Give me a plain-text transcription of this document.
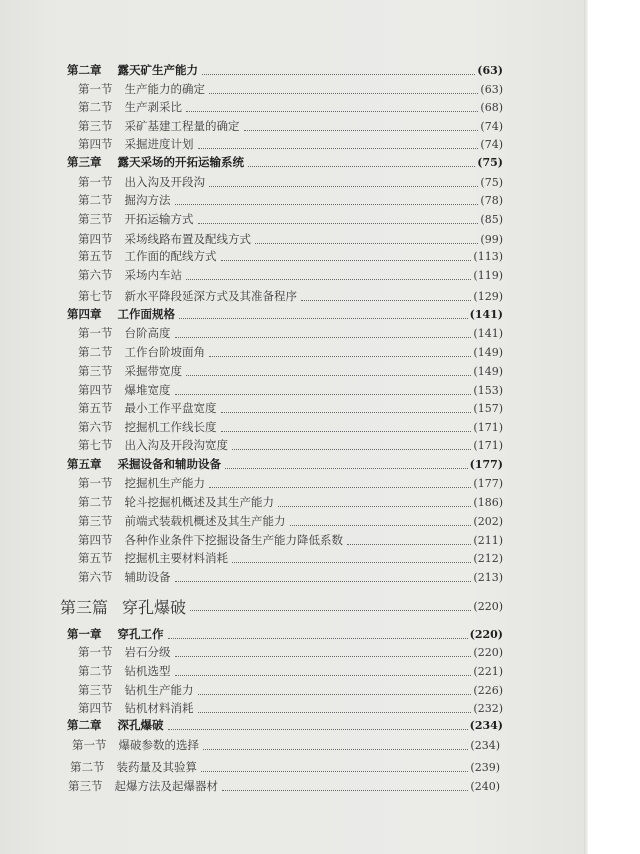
第二章 露天矿生产能力	(63)
第一节 生产能力的确定	(63)
第二节 生产剥采比	(68)
第三节 采矿基建工程量的确定	(74)
第四节 采掘进度计划	(74)
第三章 露天采场的开拓运输系统	(75)
第一节 出入沟及开段沟	(75)
第二节 掘沟方法	(78)
第三节 开拓运输方式	(85)
第四节 采场线路布置及配线方式	(99)
第五节 工作面的配线方式	(113)
第六节 采场内车站	(119)
第七节 新水平降段延深方式及其准备程序	(129)
第四章 工作面规格	(141)
第一节 台阶高度	(141)
第二节 工作台阶坡面角	(149)
第三节 采掘带宽度	(149)
第四节 爆堆宽度	(153)
第五节 最小工作平盘宽度	(157)
第六节 挖掘机工作线长度	(171)
第七节 出入沟及开段沟宽度	(171)
第五章 采掘设备和辅助设备	(177)
第一节 挖掘机生产能力	(177)
第二节 轮斗挖掘机概述及其生产能力	(186)
第三节 前端式装载机概述及其生产能力	(202)
第四节 各种作业条件下挖掘设备生产能力降低系数	(211)
第五节 挖掘机主要材料消耗	(212)
第六节 辅助设备	(213)
第三篇 穿孔爆破	(220)
第一章 穿孔工作	(220)
第一节 岩石分级	(220)
第二节 钻机选型	(221)
第三节 钻机生产能力	(226)
第四节 钻机材料消耗	(232)
第二章 深孔爆破	(234)
第一节 爆破参数的选择	(234)
第二节 装药量及其验算	(239)
第三节 起爆方法及起爆器材	(240)
